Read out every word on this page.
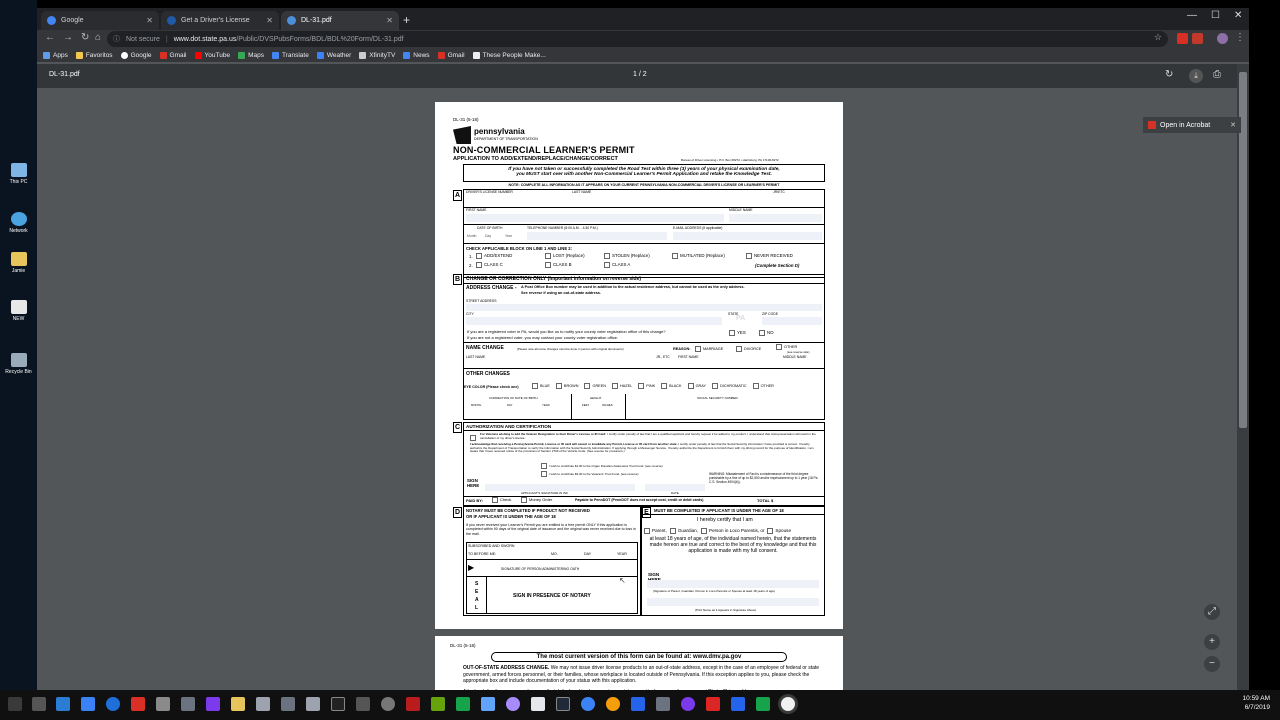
This PC
Network
Jamie
NEW
Recycle Bin
Google	✕	Get a Driver's License	✕	DL-31.pdf	✕ +	— ☐ ✕
← → ↻ ⌂ ⓘ Not secure | www.dot.state.pa.us/Public/DVSPubsForms/BDL/BDL%20Form/DL-31.pdf	☆	⋮
Apps	Favoritos	Google	Gmail	YouTube	Maps	Translate	Weather	XfinityTV	News	Gmail	These People Make...
DL-31.pdf	1 / 2	↻	⤓	⎙
Open in Acrobat	✕
⤢
+
−
DL-31 (5-18)
pennsylvania
DEPARTMENT OF TRANSPORTATION
NON-COMMERCIAL LEARNER'S PERMIT
APPLICATION TO ADD/EXTEND/REPLACE/CHANGE/CORRECT	Bureau of Driver Licensing • P.O. Box 68272 • Harrisburg, PA 17106-8272
If you have not taken or successfully completed the Road Test within three (3) years of your physical examination date,
you MUST start over with another Non-Commercial Learner's Permit Application and retake the Knowledge Test.
NOTE: COMPLETE ALL INFORMATION AS IT APPEARS ON YOUR CURRENT PENNSYLVANIA NON-COMMERCIAL DRIVER'S LICENSE OR LEARNER'S PERMIT
A	DRIVER'S LICENSE NUMBER	LAST NAME	JR/ETC
FIRST NAME	MIDDLE NAME
DATE OF BIRTH	TELEPHONE NUMBER (8:00 A.M. - 4:30 P.M.)	E-MAIL ADDRESS (if applicable)
Month	Day	Year
CHECK APPLICABLE BLOCK ON LINE 1 AND LINE 2:
1.	ADD/EXTEND	LOST (Replace)	STOLEN (Replace)	MUTILATED (Replace)	NEVER RECEIVED
2.	CLASS C	CLASS B	CLASS A	(Complete Section D)
B	CHANGE OR CORRECTION ONLY (Important information on reverse side)
ADDRESS CHANGE - A Post Office Box number may be used in addition to the actual residence address, but cannot be used as the only address.
See reverse if using an out-of-state address.
STREET ADDRESS
CITY	STATE	ZIP CODE
PA
If you are a registered voter in PA, would you like us to notify your county voter registration office of this change?
If you are not a registered voter, you may contact your county voter registration office.
YES	NO
NAME CHANGE	(Please note all name changes must be done in person with original documents)	REASON:	MARRIAGE	DIVORCE	OTHER
(see reverse side)
LAST NAME	JR., ETC FIRST NAME	MIDDLE NAME
OTHER CHANGES
EYE COLOR (Please check one)	BLUE	BROWN	GREEN	HAZEL	PINK	BLACK	GRAY	DICHROMATIC	OTHER
CORRECTION OF DATE OF BIRTH	HEIGHT	SOCIAL SECURITY NUMBER
MONTH	DAY	YEAR	FEET	INCHES
C	AUTHORIZATION AND CERTIFICATION
For Veterans wishing to add the Veteran Designation to their Driver's License or ID Card: I certify under penalty of law that I am a qualified applicant and hereby request it be added to my product. I understand that misrepresentation will result in the cancellation of my driver's license.
I acknowledge that receiving a Pennsylvania Permit, License or ID card will cancel or invalidate any Permit, License or ID card from another state. I certify under penalty of law that the Social Security information I have provided is correct. I hereby authorize the Department of Transportation to verify the information with the Social Security Administration. If applying through a Messenger Service, I hereby authorize the Department to furnish them with my driving record for the purpose of Identification. I am aware that I have received notice of the provisions of Section 3709 of the Vehicle Code. (See reverse for provisions.)
I wish to contribute $1.00 to the Organ Donation Awareness Trust Fund. (see reverse)
I wish to contribute $3.00 to the Veterans' Trust Fund. (see reverse)
SIGN HERE
APPLICANT'S SIGNATURE IN INK	DATE
WARNING: Misstatement of Fact is a misdemeanor of the third degree punishable by a fine of up to $2,500 and/or imprisonment up to 1 year (18 Pa. C.S. Section 4904(b)).
PAID BY:	Check	Money Order	Payable to PennDOT (PennDOT does not accept cost, credit or debit cards)	TOTAL $
D	NOTARY MUST BE COMPLETED IF PRODUCT NOT RECEIVED
OR IF APPLICANT IS UNDER THE AGE OF 18
If you never received your Learner's Permit you are entitled to a free permit ONLY if this application is completed within 90 days of the original date of issuance and the original was never received due to loss in the mail.
SUBSCRIBED AND SWORN
TO BEFORE ME:	MO.	DAY	YEAR
▶	SIGNATURE OF PERSON ADMINISTERING OATH
SEAL
SIGN IN PRESENCE OF NOTARY
E	MUST BE COMPLETED IF APPLICANT IS UNDER THE AGE OF 18
I hereby certify that I am
Parent,	Guardian,	Person in Loco Parentis, or	Spouse
at least 18 years of age, of the individual named herein, that the statements made hereon are true and correct to the best of my knowledge and that this application is made with my full consent.
SIGN
(Signature of Parent, Guardian, Person in Loco Parentis or Spouse at least 18 years of age)
(Print Name as it Appears in Signature Above)
DL-31 (5-18)
The most current version of this form can be found at: www.dmv.pa.gov
OUT-OF-STATE ADDRESS CHANGE. We may not issue driver license products to an out-of-state address, except in the case of an employee of federal or state government, armed forces personnel, or their families, whose workplace is located outside of Pennsylvania. If this exception applies to you, please check the appropriate box and include documentation of your status with this application.
↖
10:59 AM
6/7/2019
